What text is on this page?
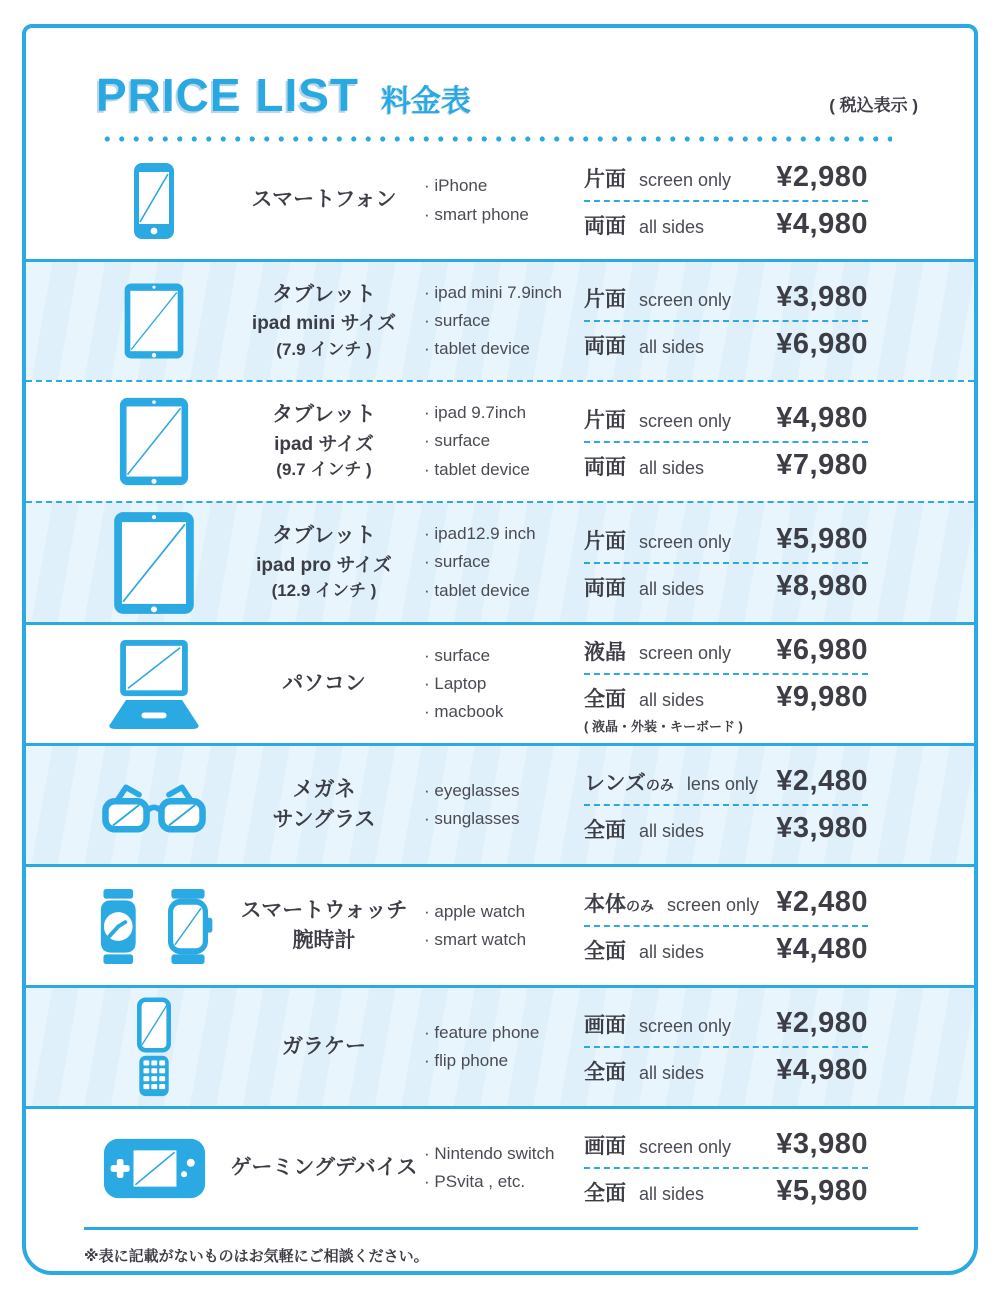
PRICE LIST 料金表	( 税込表示 )
スマートフォン
· iPhone
· smart phone
片面 screen only ¥2,980
両面 all sides ¥4,980
タブレット
ipad mini サイズ
(7.9 インチ )
· ipad mini 7.9inch
· surface
· tablet device
片面 screen only ¥3,980
両面 all sides ¥6,980
タブレット
ipad サイズ
(9.7 インチ )
· ipad 9.7inch
· surface
· tablet device
片面 screen only ¥4,980
両面 all sides ¥7,980
タブレット
ipad pro サイズ
(12.9 インチ )
· ipad12.9 inch
· surface
· tablet device
片面 screen only ¥5,980
両面 all sides ¥8,980
パソコン
· surface
· Laptop
· macbook
液晶 screen only ¥6,980
全面 all sides ¥9,980
( 液晶・外装・キーボード )
メガネ
サングラス
· eyeglasses
· sunglasses
レンズのみ lens only ¥2,480
全面 all sides ¥3,980
スマートウォッチ
腕時計
· apple watch
· smart watch
本体のみ screen only ¥2,480
全面 all sides ¥4,480
ガラケー
· feature phone
· flip phone
画面 screen only ¥2,980
全面 all sides ¥4,980
ゲーミングデバイス
· Nintendo switch
· PSvita , etc.
画面 screen only ¥3,980
全面 all sides ¥5,980
※表に記載がないものはお気軽にご相談ください。
